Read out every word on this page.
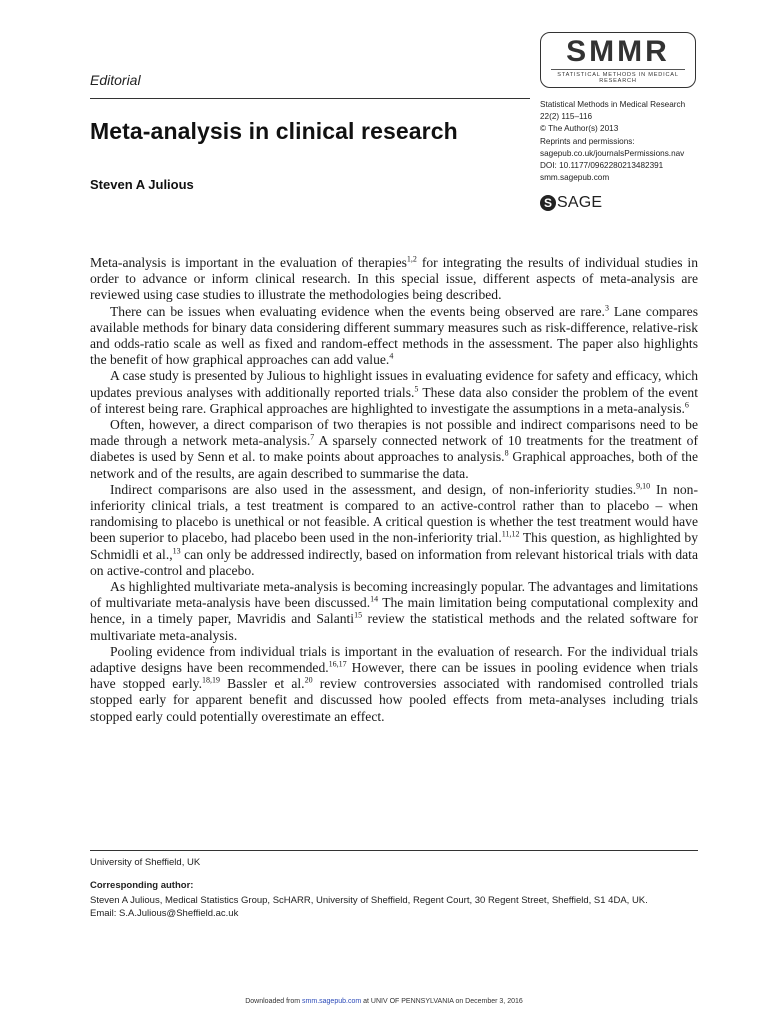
Editorial
Meta-analysis in clinical research
Steven A Julious
SMMR
STATISTICAL METHODS IN MEDICAL RESEARCH
Statistical Methods in Medical Research
22(2) 115–116
© The Author(s) 2013
Reprints and permissions:
sagepub.co.uk/journalsPermissions.nav
DOI: 10.1177/0962280213482391
smm.sagepub.com
S SAGE

Meta-analysis is important in the evaluation of therapies$^{1,2}$ for integrating the results of individual studies in order to advance or inform clinical research. In this special issue, different aspects of meta-analysis are reviewed using case studies to illustrate the methodologies being described.

There can be issues when evaluating evidence when the events being observed are rare.$^3$ Lane compares available methods for binary data considering different summary measures such as risk-difference, relative-risk and odds-ratio scale as well as fixed and random-effect methods in the assessment. The paper also highlights the benefit of how graphical approaches can add value.$^4$

A case study is presented by Julious to highlight issues in evaluating evidence for safety and efficacy, which updates previous analyses with additionally reported trials.$^5$ These data also consider the problem of the event of interest being rare. Graphical approaches are highlighted to investigate the assumptions in a meta-analysis.$^6$

Often, however, a direct comparison of two therapies is not possible and indirect comparisons need to be made through a network meta-analysis.$^7$ A sparsely connected network of 10 treatments for the treatment of diabetes is used by Senn et al. to make points about approaches to analysis.$^8$ Graphical approaches, both of the network and of the results, are again described to summarise the data.

Indirect comparisons are also used in the assessment, and design, of non-inferiority studies.$^{9,10}$ In non-inferiority clinical trials, a test treatment is compared to an active-control rather than to placebo – when randomising to placebo is unethical or not feasible. A critical question is whether the test treatment would have been superior to placebo, had placebo been used in the non-inferiority trial.$^{11,12}$ This question, as highlighted by Schmidli et al.,$^{13}$ can only be addressed indirectly, based on information from relevant historical trials with data on active-control and placebo.

As highlighted multivariate meta-analysis is becoming increasingly popular. The advantages and limitations of multivariate meta-analysis have been discussed.$^{14}$ The main limitation being computational complexity and hence, in a timely paper, Mavridis and Salanti$^{15}$ review the statistical methods and the related software for multivariate meta-analysis.

Pooling evidence from individual trials is important in the evaluation of research. For the individual trials adaptive designs have been recommended.$^{16,17}$ However, there can be issues in pooling evidence when trials have stopped early.$^{18,19}$ Bassler et al.$^{20}$ review controversies associated with randomised controlled trials stopped early for apparent benefit and discussed how pooled effects from meta-analyses including trials stopped early could potentially overestimate an effect.

University of Sheffield, UK
Corresponding author:
Steven A Julious, Medical Statistics Group, ScHARR, University of Sheffield, Regent Court, 30 Regent Street, Sheffield, S1 4DA, UK.
Email: S.A.Julious@Sheffield.ac.uk
Downloaded from smm.sagepub.com at UNIV OF PENNSYLVANIA on December 3, 2016
